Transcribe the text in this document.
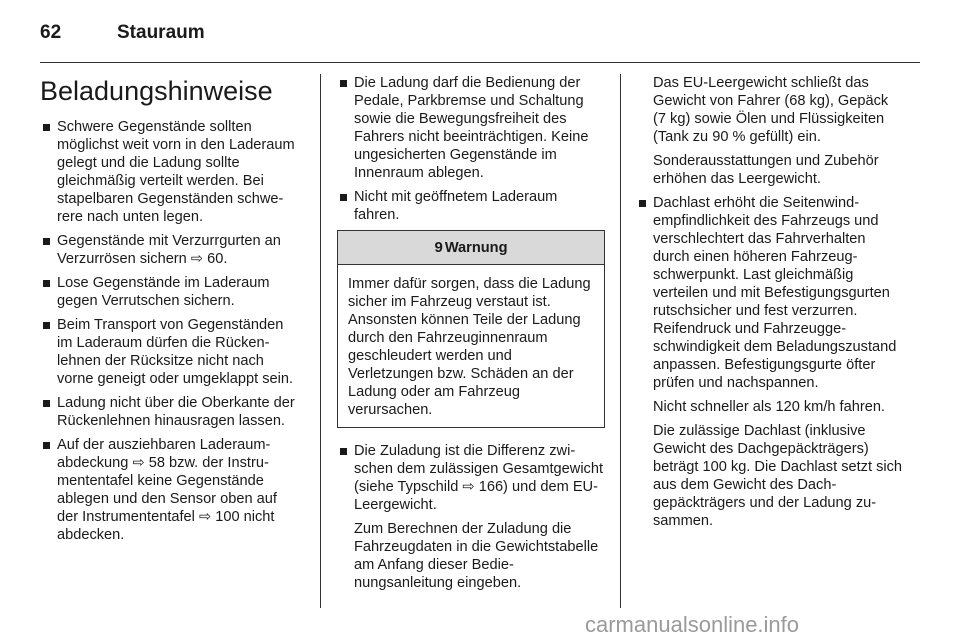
62	Stauraum
Beladungshinweise
Schwere Gegenstände sollten möglichst weit vorn in den Laderaum gelegt und die Ladung sollte gleichmäßig verteilt werden. Bei stapelbaren Gegenständen schwerere nach unten legen.
Gegenstände mit Verzurrgurten an Verzurrösen sichern ⇨ 60.
Lose Gegenstände im Laderaum gegen Verrutschen sichern.
Beim Transport von Gegenständen im Laderaum dürfen die Rückenlehnen der Rücksitze nicht nach vorne geneigt oder umgeklappt sein.
Ladung nicht über die Oberkante der Rückenlehnen hinausragen lassen.
Auf der ausziehbaren Laderaumabdeckung ⇨ 58 bzw. der Instrumententafel keine Gegenstände ablegen und den Sensor oben auf der Instrumententafel ⇨ 100 nicht abdecken.
Die Ladung darf die Bedienung der Pedale, Parkbremse und Schaltung sowie die Bewegungsfreiheit des Fahrers nicht beeinträchtigen. Keine ungesicherten Gegenstände im Innenraum ablegen.
Nicht mit geöffnetem Laderaum fahren.
9 Warnung
Immer dafür sorgen, dass die Ladung sicher im Fahrzeug verstaut ist. Ansonsten können Teile der Ladung durch den Fahrzeuginnenraum geschleudert werden und Verletzungen bzw. Schäden an der Ladung oder am Fahrzeug verursachen.

Die Zuladung ist die Differenz zwischen dem zulässigen Gesamtgewicht (siehe Typschild ⇨ 166) und dem EU-Leergewicht.

Zum Berechnen der Zuladung die Fahrzeugdaten in die Gewichtstabelle am Anfang dieser Bedienungsanleitung eingeben.

Das EU-Leergewicht schließt das Gewicht von Fahrer (68 kg), Gepäck (7 kg) sowie Ölen und Flüssigkeiten (Tank zu 90 % gefüllt) ein.

Sonderausstattungen und Zubehör erhöhen das Leergewicht.

Dachlast erhöht die Seitenwindempfindlichkeit des Fahrzeugs und verschlechtert das Fahrverhalten durch einen höheren Fahrzeugschwerpunkt. Last gleichmäßig verteilen und mit Befestigungsgurten rutschsicher und fest verzurren. Reifendruck und Fahrzeuggeschwindigkeit dem Beladungszustand anpassen. Befestigungsgurte öfter prüfen und nachspannen.

Nicht schneller als 120 km/h fahren.

Die zulässige Dachlast (inklusive Gewicht des Dachgepäckträgers) beträgt 100 kg. Die Dachlast setzt sich aus dem Gewicht des Dachgepäckträgers und der Ladung zusammen.

carmanualsonline.info
